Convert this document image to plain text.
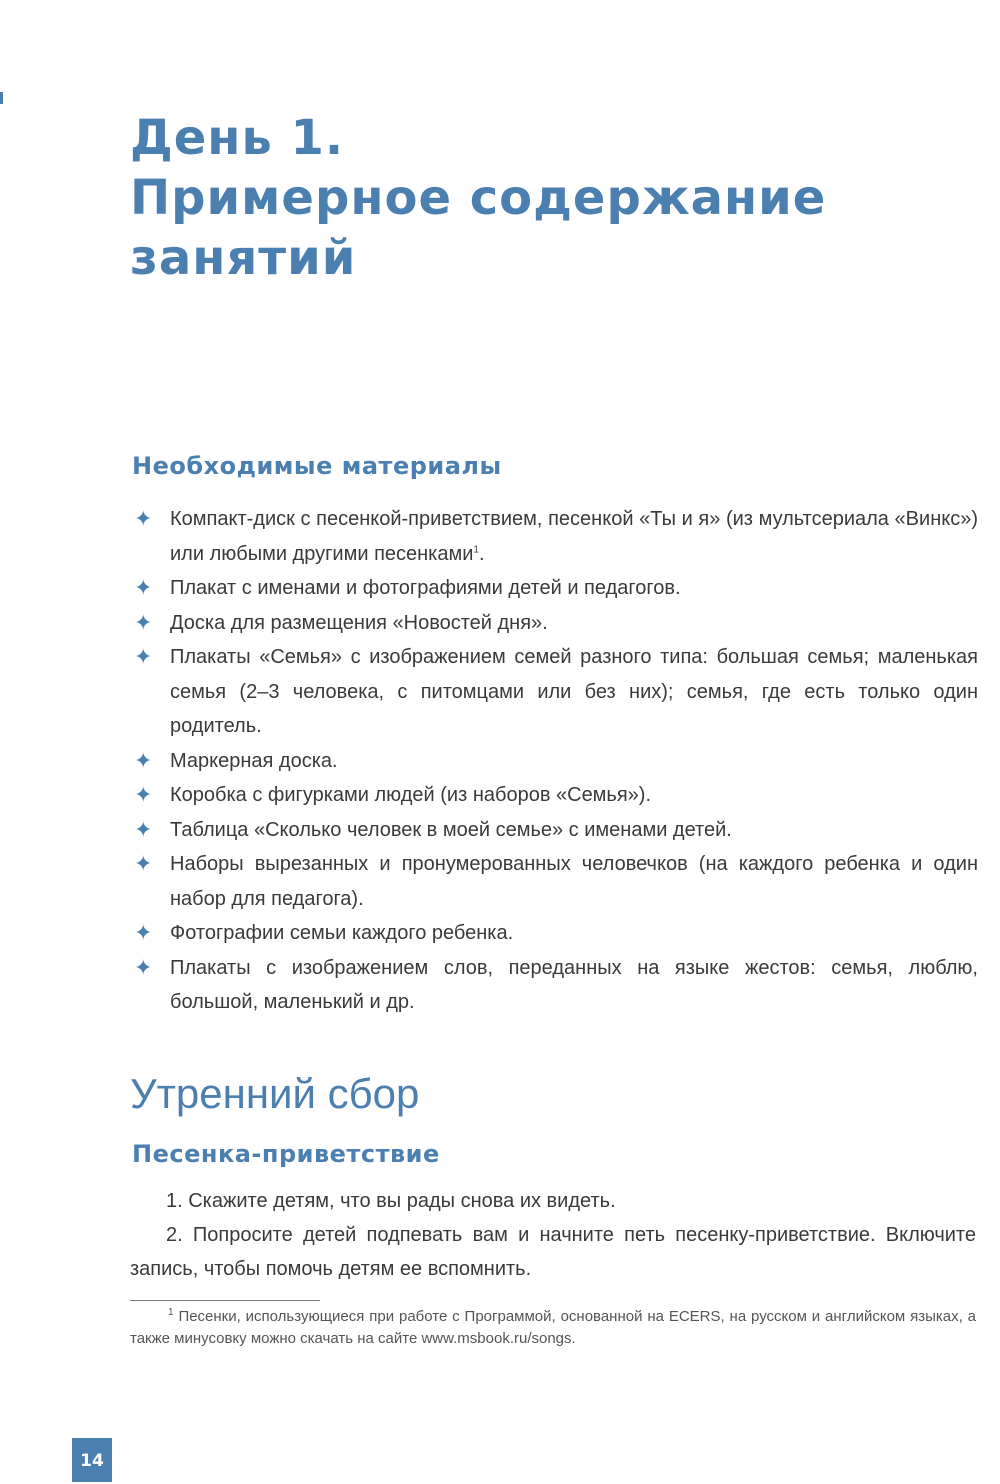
День 1.
Примерное содержание занятий
Необходимые материалы
✦ Компакт-диск с песенкой-приветствием, песенкой «Ты и я» (из мультсериала «Винкс») или любыми другими песенками$^1$.
✦ Плакат с именами и фотографиями детей и педагогов.
✦ Доска для размещения «Новостей дня».
✦ Плакаты «Семья» с изображением семей разного типа: большая семья; маленькая семья (2–3 человека, с питомцами или без них); семья, где есть только один родитель.
✦ Маркерная доска.
✦ Коробка с фигурками людей (из наборов «Семья»).
✦ Таблица «Сколько человек в моей семье» с именами детей.
✦ Наборы вырезанных и пронумерованных человечков (на каждого ребенка и один набор для педагога).
✦ Фотографии семьи каждого ребенка.
✦ Плакаты с изображением слов, переданных на языке жестов: семья, люблю, большой, маленький и др.
Утренний сбор
Песенка-приветствие

1. Скажите детям, что вы рады снова их видеть.

2. Попросите детей подпевать вам и начните петь песенку-приветствие. Включите запись, чтобы помочь детям ее вспомнить.

$^1$ Песенки, использующиеся при работе с Программой, основанной на ECERS, на русском и английском языках, а также минусовку можно скачать на сайте www.msbook.ru/songs.

14
